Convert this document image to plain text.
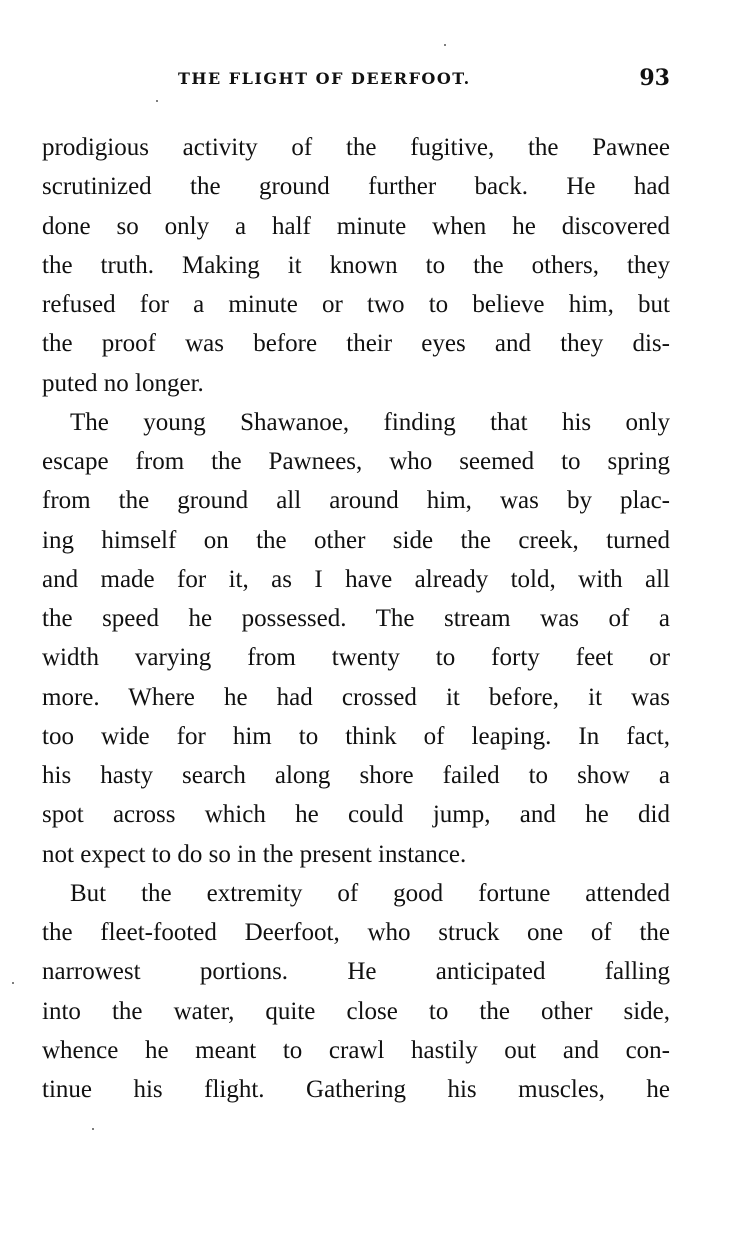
THE FLIGHT OF DEERFOOT.	93
prodigious activity of the fugitive, the Pawnee
scrutinized the ground further back. He had
done so only a half minute when he discovered
the truth. Making it known to the others, they
refused for a minute or two to believe him, but
the proof was before their eyes and they dis-
puted no longer.
The young Shawanoe, finding that his only
escape from the Pawnees, who seemed to spring
from the ground all around him, was by plac-
ing himself on the other side the creek, turned
and made for it, as I have already told, with all
the speed he possessed. The stream was of a
width varying from twenty to forty feet or
more. Where he had crossed it before, it was
too wide for him to think of leaping. In fact,
his hasty search along shore failed to show a
spot across which he could jump, and he did
not expect to do so in the present instance.
But the extremity of good fortune attended
the fleet-footed Deerfoot, who struck one of the
narrowest portions. He anticipated falling
into the water, quite close to the other side,
whence he meant to crawl hastily out and con-
tinue his flight. Gathering his muscles, he
